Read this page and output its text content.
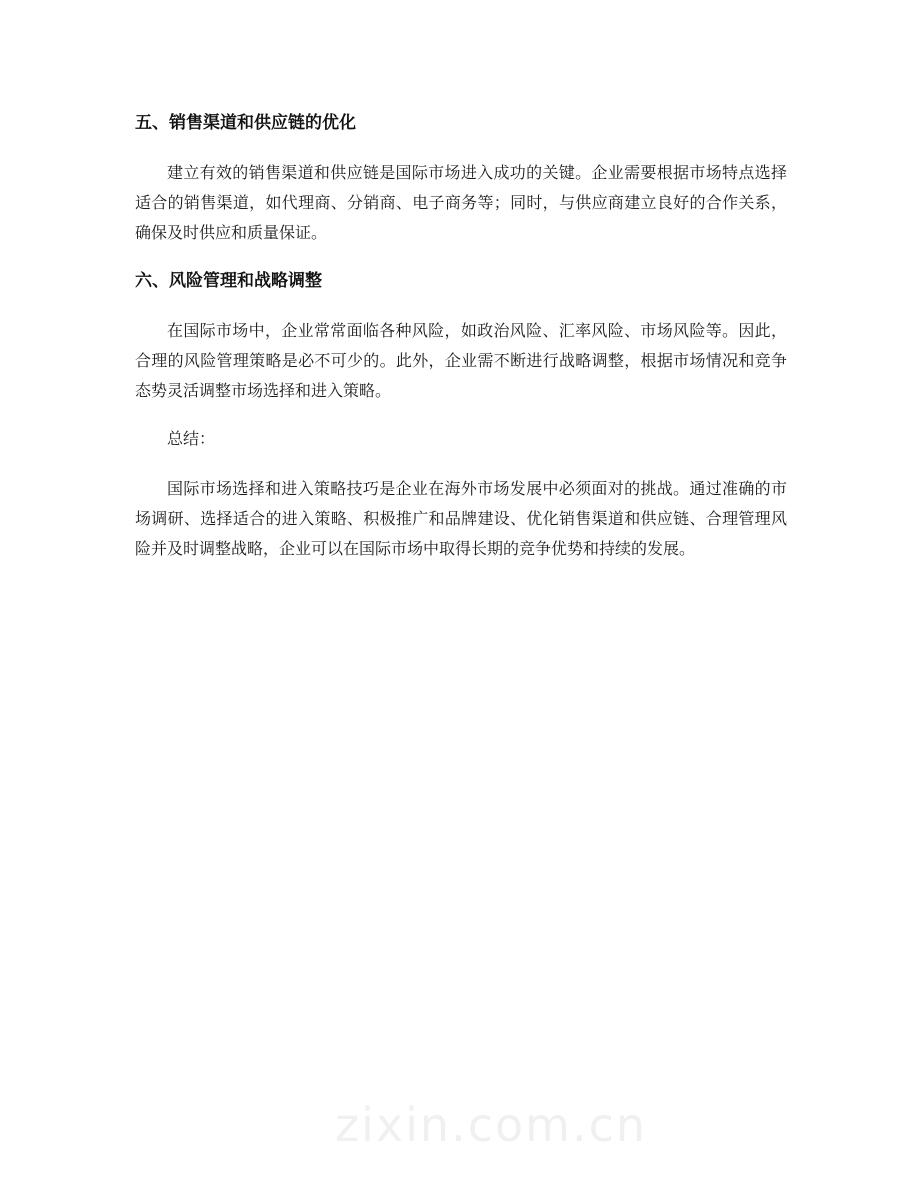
五、销售渠道和供应链的优化

建立有效的销售渠道和供应链是国际市场进入成功的关键。企业需要根据市场特点选择适合的销售渠道，如代理商、分销商、电子商务等；同时，与供应商建立良好的合作关系，确保及时供应和质量保证。

六、风险管理和战略调整

在国际市场中，企业常常面临各种风险，如政治风险、汇率风险、市场风险等。因此，合理的风险管理策略是必不可少的。此外，企业需不断进行战略调整，根据市场情况和竞争态势灵活调整市场选择和进入策略。

总结：

国际市场选择和进入策略技巧是企业在海外市场发展中必须面对的挑战。通过准确的市场调研、选择适合的进入策略、积极推广和品牌建设、优化销售渠道和供应链、合理管理风险并及时调整战略，企业可以在国际市场中取得长期的竞争优势和持续的发展。

zixin.com.cn
